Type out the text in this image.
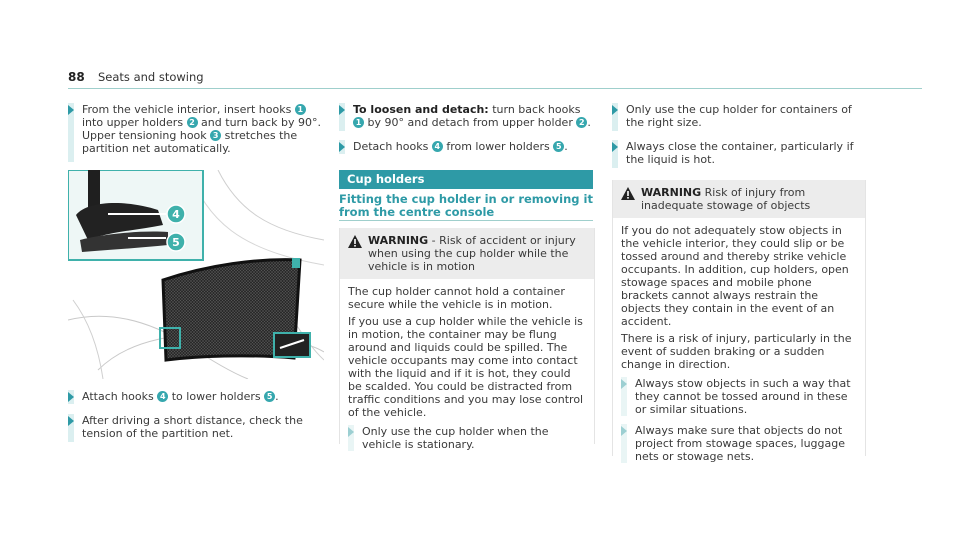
88 Seats and stowing
From the vehicle interior, insert hooks 1 into upper holders 2 and turn back by 90°. Upper tensioning hook 3 stretches the partition net automatically.
4
5
Attach hooks 4 to lower holders 5 .
After driving a short distance, check the tension of the partition net.
To loosen and detach: turn back hooks 1 by 90° and detach from upper holder 2 .
Detach hooks 4 from lower holders 5 .
Cup holders
Fitting the cup holder in or removing it from the centre console
WARNING - Risk of accident or injury when using the cup holder while the vehicle is in motion

The cup holder cannot hold a container secure while the vehicle is in motion.

If you use a cup holder while the vehicle is in motion, the container may be flung around and liquids could be spilled. The vehicle occupants may come into contact with the liquid and if it is hot, they could be scalded. You could be distracted from traffic conditions and you may lose control of the vehicle.

Only use the cup holder when the vehicle is stationary.
Only use the cup holder for containers of the right size.
Always close the container, particularly if the liquid is hot.
WARNING Risk of injury from inadequate stowage of objects

If you do not adequately stow objects in the vehicle interior, they could slip or be tossed around and thereby strike vehicle occupants. In addition, cup holders, open stowage spaces and mobile phone brackets cannot always restrain the objects they contain in the event of an accident.

There is a risk of injury, particularly in the event of sudden braking or a sudden change in direction.

Always stow objects in such a way that they cannot be tossed around in these or similar situations.
Always make sure that objects do not project from stowage spaces, luggage nets or stowage nets.
